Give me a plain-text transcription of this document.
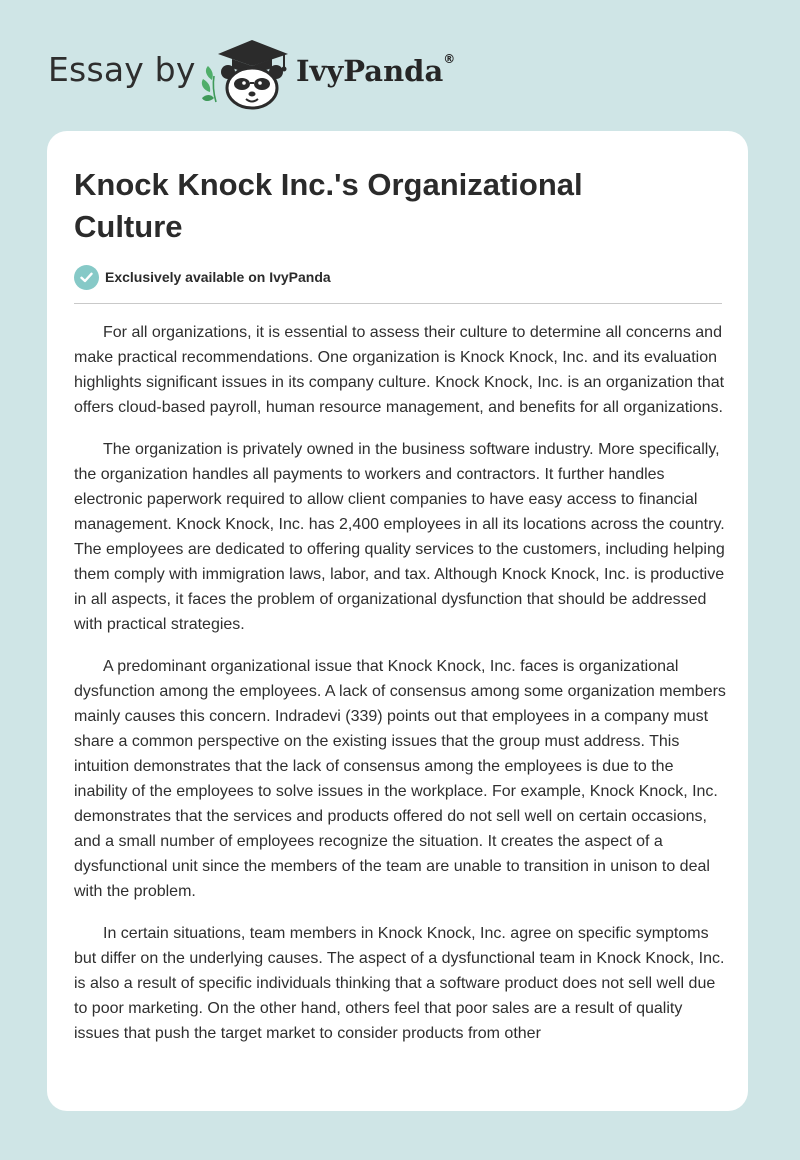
Essay by	IvyPanda®
Knock Knock Inc.'s Organizational Culture
Exclusively available on IvyPanda

For all organizations, it is essential to assess their culture to determine all concerns and make practical recommendations. One organization is Knock Knock, Inc. and its evaluation highlights significant issues in its company culture. Knock Knock, Inc. is an organization that offers cloud-based payroll, human resource management, and benefits for all organizations.

The organization is privately owned in the business software industry. More specifically, the organization handles all payments to workers and contractors. It further handles electronic paperwork required to allow client companies to have easy access to financial management. Knock Knock, Inc. has 2,400 employees in all its locations across the country. The employees are dedicated to offering quality services to the customers, including helping them comply with immigration laws, labor, and tax. Although Knock Knock, Inc. is productive in all aspects, it faces the problem of organizational dysfunction that should be addressed with practical strategies.

A predominant organizational issue that Knock Knock, Inc. faces is organizational dysfunction among the employees. A lack of consensus among some organization members mainly causes this concern. Indradevi (339) points out that employees in a company must share a common perspective on the existing issues that the group must address. This intuition demonstrates that the lack of consensus among the employees is due to the inability of the employees to solve issues in the workplace. For example, Knock Knock, Inc. demonstrates that the services and products offered do not sell well on certain occasions, and a small number of employees recognize the situation. It creates the aspect of a dysfunctional unit since the members of the team are unable to transition in unison to deal with the problem.

In certain situations, team members in Knock Knock, Inc. agree on specific symptoms but differ on the underlying causes. The aspect of a dysfunctional team in Knock Knock, Inc. is also a result of specific individuals thinking that a software product does not sell well due to poor marketing. On the other hand, others feel that poor sales are a result of quality issues that push the target market to consider products from other
